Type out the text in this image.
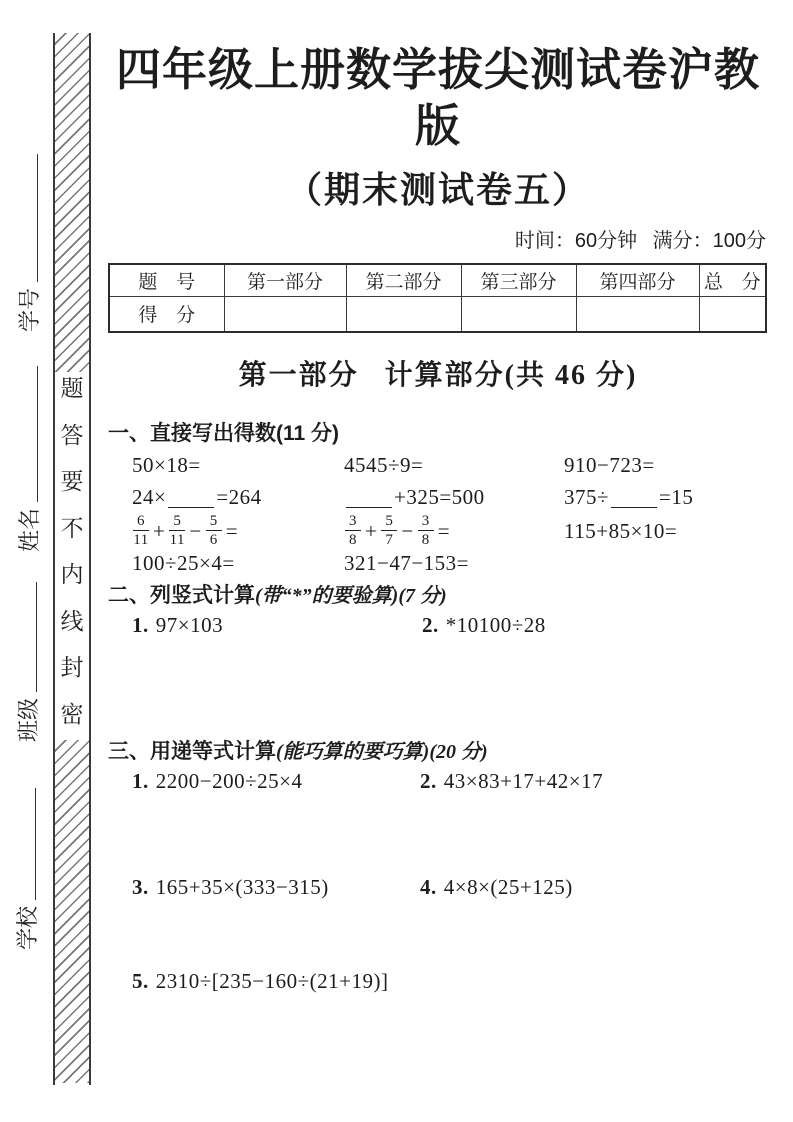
题
答
要
不
内
线
封
密
学号
姓名
班级
学校
四年级上册数学拔尖测试卷沪教版
（期末测试卷五）
时间：60分钟 满分：100分
题 号	第一部分	第二部分	第三部分	第四部分	总 分
得 分					
第一部分 计算部分(共 46 分)
一、直接写出得数(11 分)
50×18=	4545÷9=	910−723=
24× =264	+325=500	375÷ =15
$\frac{6}{11} + \frac{5}{11} - \frac{5}{6}$ =	$\frac{3}{8} + \frac{5}{7} - \frac{3}{8}$ =	115+85×10=
100÷25×4=	321−47−153=
二、列竖式计算(带“*”的要验算)(7 分)
1. 97×103	2. *10100÷28
三、用递等式计算(能巧算的要巧算)(20 分)
1. 2200−200÷25×4	2. 43×83+17+42×17
3. 165+35×(333−315)	4. 4×8×(25+125)
5. 2310÷[235−160÷(21+19)]
